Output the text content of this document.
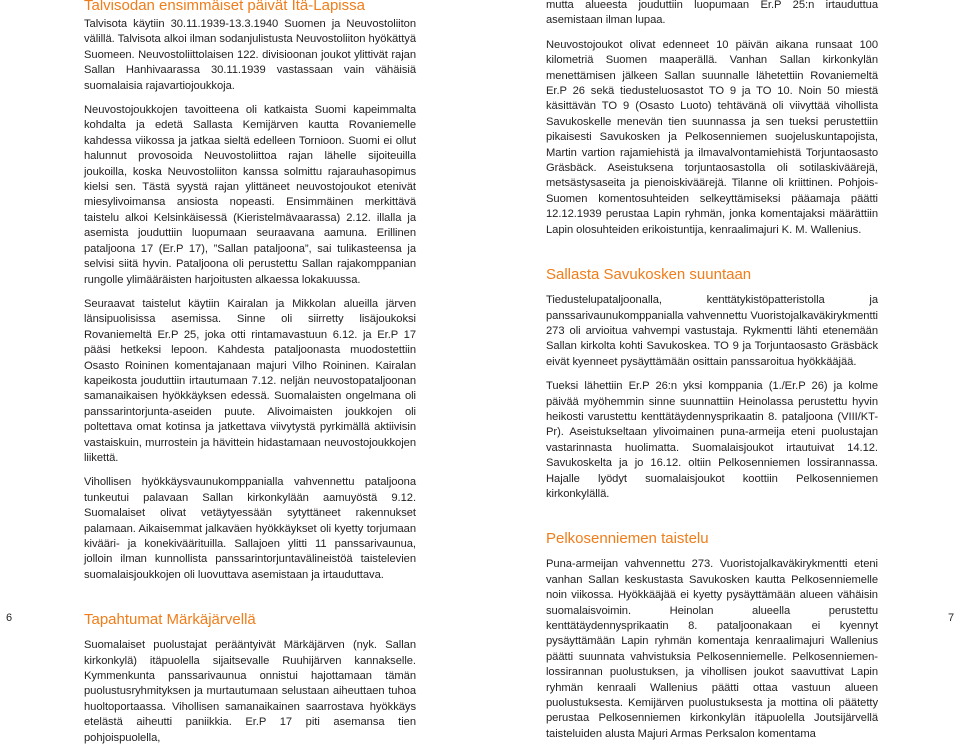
Talvisodan ensimmäiset päivät Itä-Lapissa

Talvisota käytiin 30.11.1939-13.3.1940 Suomen ja Neuvostoliiton välillä. Talvisota alkoi ilman sodanjulistusta Neuvostoliiton hyökättyä Suomeen. Neuvostoliittolaisen 122. divisioonan joukot ylittivät rajan Sallan Hanhivaarassa 30.11.1939 vastassaan vain vähäisiä suomalaisia rajavartiojoukkoja.

Neuvostojoukkojen tavoitteena oli katkaista Suomi kapeimmalta kohdalta ja edetä Sallasta Kemijärven kautta Rovaniemelle kahdessa viikossa ja jatkaa sieltä edelleen Tornioon. Suomi ei ollut halunnut provosoida Neuvostoliittoa rajan lähelle sijoiteuilla joukoilla, koska Neuvostoliiton kanssa solmittu rajarauhasopimus kielsi sen. Tästä syystä rajan ylittäneet neuvostojoukot etenivät miesylivoimansa ansiosta nopeasti. Ensimmäinen merkittävä taistelu alkoi Kelsinkäisessä (Kieristelmävaarassa) 2.12. illalla ja asemista jouduttiin luopumaan seuraavana aamuna. Erillinen pataljoona 17 (Er.P 17), ”Sallan pataljoona”, sai tulikasteensa ja selvisi siitä hyvin. Pataljoona oli perustettu Sallan rajakomppanian rungolle ylimääräisten harjoitusten alkaessa lokakuussa.

Seuraavat taistelut käytiin Kairalan ja Mikkolan alueilla järven länsipuolisissa asemissa. Sinne oli siirretty lisäjoukoksi Rovaniemeltä Er.P 25, joka otti rintamavastuun 6.12. ja Er.P 17 pääsi hetkeksi lepoon. Kahdesta pataljoonasta muodostettiin Osasto Roininen komentajanaan majuri Vilho Roininen. Kairalan kapeikosta jouduttiin irtautumaan 7.12. neljän neuvostopataljoonan samanaikaisen hyökkäyksen edessä. Suomalaisten ongelmana oli panssarintorjunta-aseiden puute. Alivoimaisten joukkojen oli poltettava omat kotinsa ja jatkettava viivytystä pyrkimällä aktiivisin vastaiskuin, murrostein ja hävittein hidastamaan neuvostojoukkojen liikettä.

Vihollisen hyökkäysvaunukomppanialla vahvennettu pataljoona tunkeutui palavaan Sallan kirkonkylään aamuyöstä 9.12. Suomalaiset olivat vetäytyessään sytyttäneet rakennukset palamaan. Aikaisemmat jalkaväen hyökkäykset oli kyetty torjumaan kivääri- ja konekiväärituilla. Sallajoen ylitti 11 panssarivaunua, jolloin ilman kunnollista panssarintorjuntavälineistöä taistelevien suomalaisjoukkojen oli luovuttava asemistaan ja irtauduttava.

Tapahtumat Märkäjärvellä

Suomalaiset puolustajat perääntyivät Märkäjärven (nyk. Sallan kirkonkylä) itäpuolella sijaitsevalle Ruuhijärven kannakselle. Kymmenkunta panssarivaunua onnistui hajottamaan tämän puolustusryhmityksen ja murtautumaan selustaan aiheuttaen tuhoa huoltoportaassa. Vihollisen samanaikainen saarrostava hyökkäys etelästä aiheutti paniikkia. Er.P 17 piti asemansa tien pohjoispuolella,

mutta alueesta jouduttiin luopumaan Er.P 25:n irtauduttua asemistaan ilman lupaa.

Neuvostojoukot olivat edenneet 10 päivän aikana runsaat 100 kilometriä Suomen maaperällä. Vanhan Sallan kirkonkylän menettämisen jälkeen Sallan suunnalle lähetettiin Rovaniemeltä Er.P 26 sekä tiedusteluosastot TO 9 ja TO 10. Noin 50 miestä käsittävän TO 9 (Osasto Luoto) tehtävänä oli viivyttää vihollista Savukoskelle menevän tien suunnassa ja sen tueksi perustettiin pikaisesti Savukosken ja Pelkosenniemen suojeluskuntapojista, Martin vartion rajamiehistä ja ilmavalvontamiehistä Torjuntaosasto Gräsbäck. Aseistuksena torjuntaosastolla oli sotilaskiväärejä, metsästysaseita ja pienoiskiväärejä. Tilanne oli kriittinen. Pohjois-Suomen komentosuhteiden selkeyttämiseksi pääamaja päätti 12.12.1939 perustaa Lapin ryhmän, jonka komentajaksi määrättiin Lapin olosuhteiden erikoistuntija, kenraalimajuri K. M. Wallenius.

Sallasta Savukosken suuntaan

Tiedustelupataljoonalla, kenttätykistöpatteristolla ja panssarivaunukomppanialla vahvennettu Vuoristojalkaväkirykmentti 273 oli arvioitua vahvempi vastustaja. Rykmentti lähti etenemään Sallan kirkolta kohti Savukoskea. TO 9 ja Torjuntaosasto Gräsbäck eivät kyenneet pysäyttämään osittain panssaroitua hyökkääjää.

Tueksi lähettiin Er.P 26:n yksi komppania (1./Er.P 26) ja kolme päivää myöhemmin sinne suunnattiin Heinolassa perustettu hyvin heikosti varustettu kenttätäydennysprikaatin 8. pataljoona (VIII/KT-Pr). Aseistukseltaan ylivoimainen puna-armeija eteni puolustajan vastarinnasta huolimatta. Suomalaisjoukot irtautuivat 14.12. Savukoskelta ja jo 16.12. oltiin Pelkosenniemen lossirannassa. Hajalle lyödyt suomalaisjoukot koottiin Pelkosenniemen kirkonkylällä.

Pelkosenniemen taistelu

Puna-armeijan vahvennettu 273. Vuoristojalkaväkirykmentti eteni vanhan Sallan keskustasta Savukosken kautta Pelkosenniemelle noin viikossa. Hyökkääjää ei kyetty pysäyttämään alueen vähäisin suomalaisvoimin. Heinolan alueella perustettu kenttätäydennysprikaatin 8. pataljoonakaan ei kyennyt pysäyttämään Lapin ryhmän komentaja kenraalimajuri Wallenius päätti suunnata vahvistuksia Pelkosenniemelle. Pelkosenniemen-lossirannan puolustuksen, ja vihollisen joukot saavuttivat Lapin ryhmän kenraali Wallenius päätti ottaa vastuun alueen puolustuksesta. Kemijärven puolustuksesta ja mottina oli päätetty perustaa Pelkosenniemen kirkonkylän itäpuolella Joutsijärvellä taisteluiden alusta Majuri Armas Perksalon komentama

6	7
